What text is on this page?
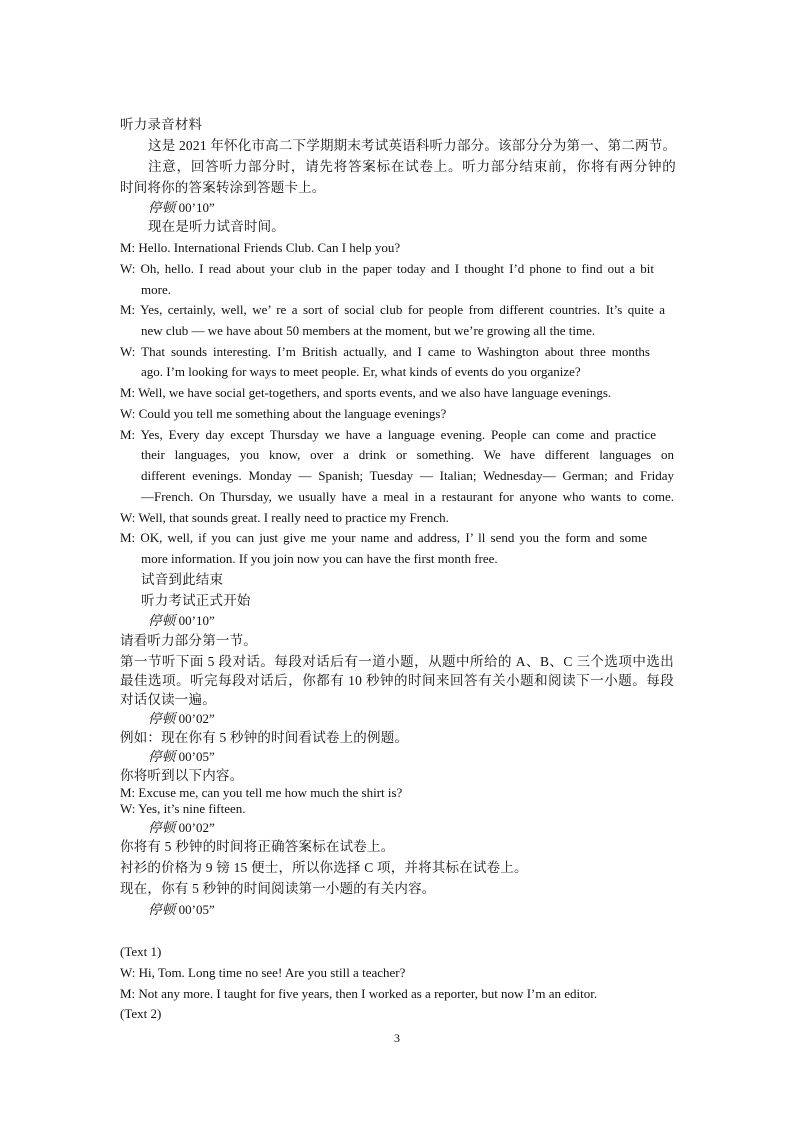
听力录音材料
这是 2021 年怀化市高二下学期期末考试英语科听力部分。该部分分为第一、第二两节。
注意，回答听力部分时，请先将答案标在试卷上。听力部分结束前，你将有两分钟的
时间将你的答案转涂到答题卡上。
停顿 00’10”
现在是听力试音时间。
M: Hello. International Friends Club. Can I help you?
W: Oh, hello. I read about your club in the paper today and I thought I’d phone to find out a bit
more.
M: Yes, certainly, well, we’ re a sort of social club for people from different countries. It’s quite a
new club — we have about 50 members at the moment, but we’re growing all the time.
W: That sounds interesting. I’m British actually, and I came to Washington about three months
ago. I’m looking for ways to meet people. Er, what kinds of events do you organize?
M: Well, we have social get-togethers, and sports events, and we also have language evenings.
W: Could you tell me something about the language evenings?
M: Yes, Every day except Thursday we have a language evening. People can come and practice
their languages, you know, over a drink or something. We have different languages on
different evenings. Monday — Spanish; Tuesday — Italian; Wednesday— German; and Friday
—French. On Thursday, we usually have a meal in a restaurant for anyone who wants to come.
W: Well, that sounds great. I really need to practice my French.
M: OK, well, if you can just give me your name and address, I’ ll send you the form and some
more information. If you join now you can have the first month free.
试音到此结束
听力考试正式开始
停顿 00’10”
请看听力部分第一节。
第一节听下面 5 段对话。每段对话后有一道小题，从题中所给的 A、B、C 三个选项中选出
最佳选项。听完每段对话后，你都有 10 秒钟的时间来回答有关小题和阅读下一小题。每段
对话仅读一遍。
停顿 00’02”
例如：现在你有 5 秒钟的时间看试卷上的例题。
停顿 00’05”
你将听到以下内容。
M: Excuse me, can you tell me how much the shirt is?
W: Yes, it’s nine fifteen.
停顿 00’02”
你将有 5 秒钟的时间将正确答案标在试卷上。
衬衫的价格为 9 镑 15 便士，所以你选择 C 项，并将其标在试卷上。
现在，你有 5 秒钟的时间阅读第一小题的有关内容。
停顿 00’05”
(Text 1)
W: Hi, Tom. Long time no see! Are you still a teacher?
M: Not any more. I taught for five years, then I worked as a reporter, but now I’m an editor.
(Text 2)
3
